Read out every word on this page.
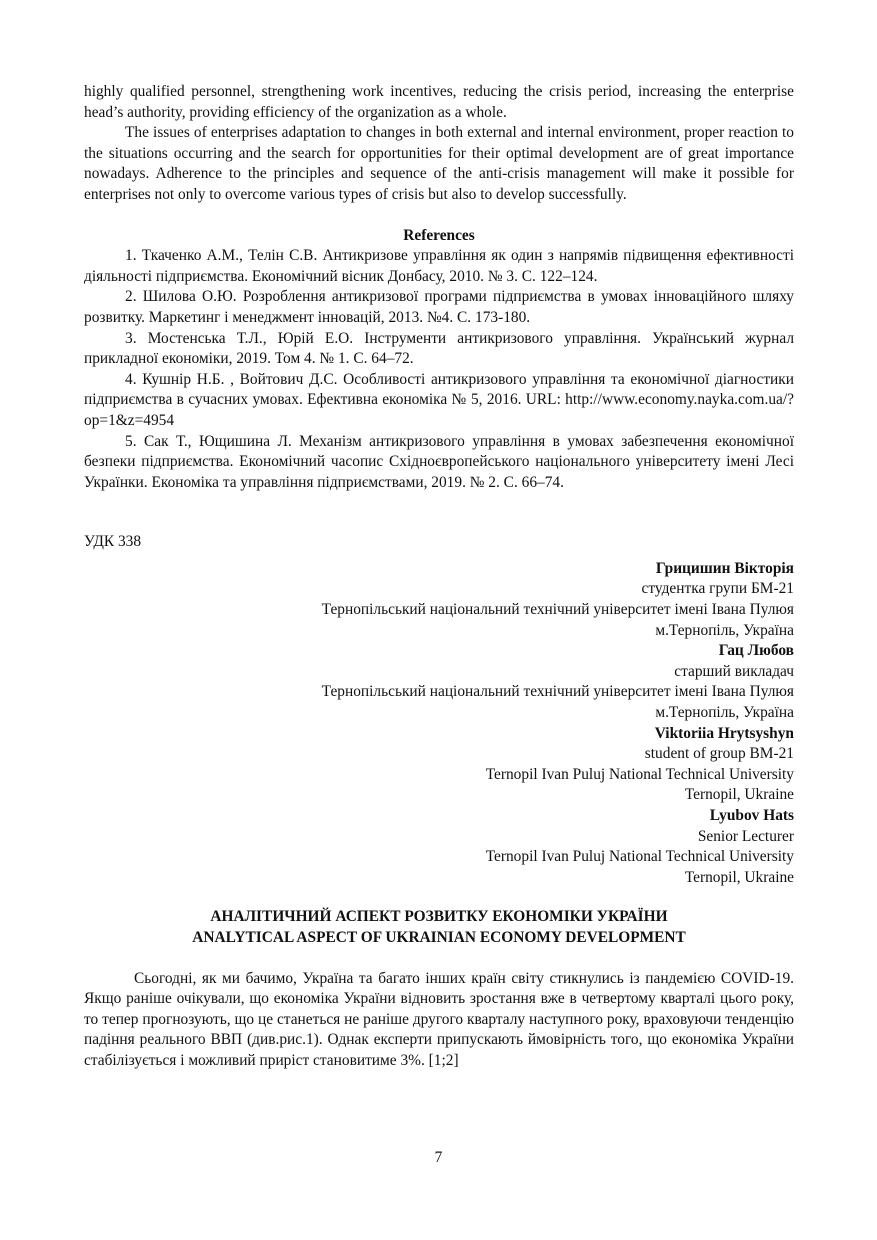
highly qualified personnel, strengthening work incentives, reducing the crisis period, increasing the enterprise head’s authority, providing efficiency of the organization as a whole.

The issues of enterprises adaptation to changes in both external and internal environment, proper reaction to the situations occurring and the search for opportunities for their optimal development are of great importance nowadays. Adherence to the principles and sequence of the anti-crisis management will make it possible for enterprises not only to overcome various types of crisis but also to develop successfully.

References

1. Ткаченко А.М., Телін С.В. Антикризове управління як один з напрямів підвищення ефективності діяльності підприємства. Економічний вісник Донбасу, 2010. № 3. С. 122–124.

2. Шилова О.Ю. Розроблення антикризової програми підприємства в умовах інноваційного шляху розвитку. Маркетинг і менеджмент інновацій, 2013. №4. С. 173-180.

3. Мостенська Т.Л., Юрій Е.О. Інструменти антикризового управління. Український журнал прикладної економіки, 2019. Том 4. № 1. С. 64–72.

4. Кушнір Н.Б. , Войтович Д.С. Особливості антикризового управління та економічної діагностики підприємства в сучасних умовах. Ефективна економіка № 5, 2016. URL: http://www.economy.nayka.com.ua/?op=1&z=4954

5. Сак Т., Ющишина Л. Механізм антикризового управління в умовах забезпечення економічної безпеки підприємства. Економічний часопис Східноєвропейського національного університету імені Лесі Українки. Економіка та управління підприємствами, 2019. № 2. С. 66–74.

УДК 338
Грицишин Вікторія
студентка групи БМ-21
Тернопільський національний технічний університет імені Івана Пулюя
м.Тернопіль, Україна
Гац Любов
старший викладач
Тернопільський національний технічний університет імені Івана Пулюя
м.Тернопіль, Україна
Viktoriia Hrytsyshyn
student of group BM-21
Ternopil Ivan Puluj National Technical University
Ternopil, Ukraine
Lyubov Hats
Senior Lecturer
Ternopil Ivan Puluj National Technical University
Ternopil, Ukraine
АНАЛІТИЧНИЙ АСПЕКТ РОЗВИТКУ ЕКОНОМІКИ УКРАЇНИ
ANALYTICAL ASPECT OF UKRAINIAN ECONOMY DEVELOPMENT

Сьогодні, як ми бачимо, Україна та багато інших країн світу стикнулись із пандемією COVID-19. Якщо раніше очікували, що економіка України відновить зростання вже в четвертому кварталі цього року, то тепер прогнозують, що це станеться не раніше другого кварталу наступного року, враховуючи тенденцію падіння реального ВВП (див.рис.1). Однак експерти припускають ймовірність того, що економіка України стабілізується і можливий приріст становитиме 3%. [1;2]

7
